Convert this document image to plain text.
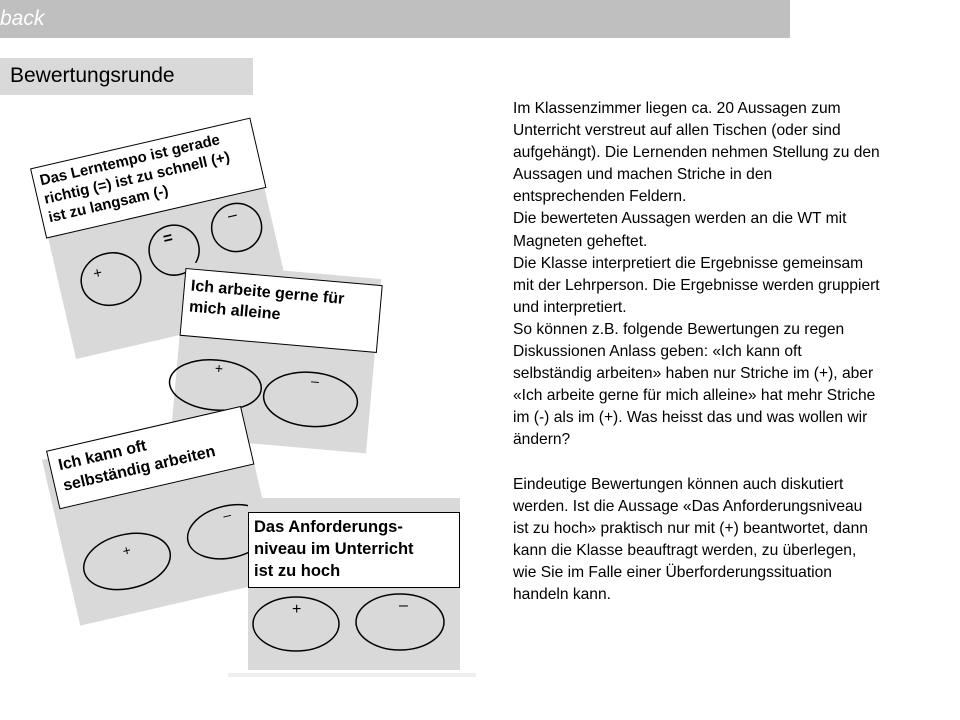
back
Bewertungsrunde
Das Lerntempo ist gerade
richtig (=) ist zu schnell (+)
ist zu langsam (-)
+
=
–
Ich arbeite gerne für
mich alleine
+
–
Ich kann oft
selbständig arbeiten
+
–
Das Anforderungs-
niveau im Unterricht
ist zu hoch
+	–

Im Klassenzimmer liegen ca. 20 Aussagen zum

Unterricht verstreut auf allen Tischen (oder sind

aufgehängt). Die Lernenden nehmen Stellung zu den

Aussagen und machen Striche in den

entsprechenden Feldern.

Die bewerteten Aussagen werden an die WT mit

Magneten geheftet.

Die Klasse interpretiert die Ergebnisse gemeinsam

mit der Lehrperson. Die Ergebnisse werden gruppiert

und interpretiert.

So können z.B. folgende Bewertungen zu regen

Diskussionen Anlass geben: «Ich kann oft

selbständig arbeiten» haben nur Striche im (+), aber

«Ich arbeite gerne für mich alleine» hat mehr Striche

im (-) als im (+). Was heisst das und was wollen wir

ändern?

Eindeutige Bewertungen können auch diskutiert

werden. Ist die Aussage «Das Anforderungsniveau

ist zu hoch» praktisch nur mit (+) beantwortet, dann

kann die Klasse beauftragt werden, zu überlegen,

wie Sie im Falle einer Überforderungssituation

handeln kann.
